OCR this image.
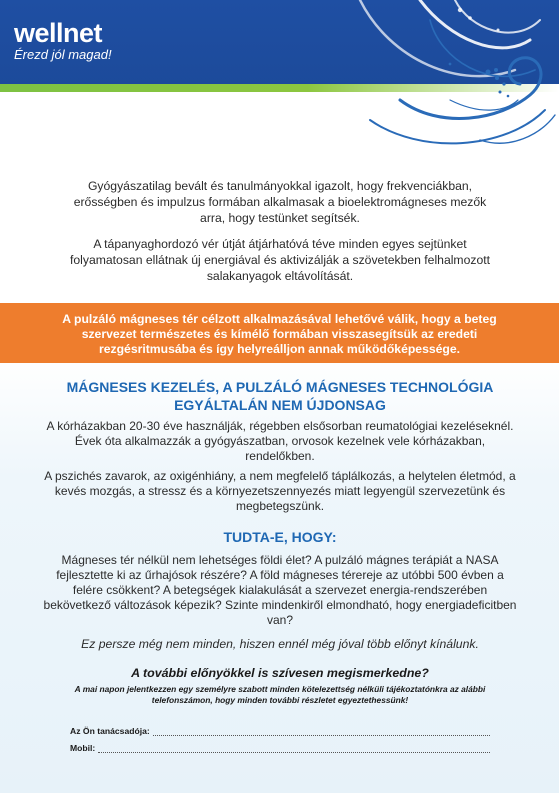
wellnet
Érezd jól magad!

Gyógyászatilag bevált és tanulmányokkal igazolt, hogy frekvenciákban, erősségben és impulzus formában alkalmasak a bioelektromágneses mezők arra, hogy testünket segítsék.

A tápanyaghordozó vér útját átjárhatóvá téve minden egyes sejtünket folyamatosan ellátnak új energiával és aktivizálják a szövetekben felhalmozott salakanyagok eltávolítását.

A pulzáló mágneses tér célzott alkalmazásával lehetővé válik, hogy a beteg szervezet természetes és kímélő formában visszasegítsük az eredeti rezgésritmusába és így helyreálljon annak működőképessége.

MÁGNESES KEZELÉS, A PULZÁLÓ MÁGNESES TECHNOLÓGIA
EGYÁLTALÁN NEM ÚJDONSAG

A kórházakban 20-30 éve használják, régebben elsősorban reumatológiai kezeléseknél. Évek óta alkalmazzák a gyógyászatban, orvosok kezelnek vele kórházakban, rendelőkben.

A pszichés zavarok, az oxigénhiány, a nem megfelelő táplálkozás, a helytelen életmód, a kevés mozgás, a stressz és a környezetszennyezés miatt legyengül szervezetünk és megbetegszünk.

TUDTA-E, HOGY:

Mágneses tér nélkül nem lehetséges földi élet? A pulzáló mágnes terápiát a NASA fejlesztette ki az űrhajósok részére? A föld mágneses térereje az utóbbi 500 évben a felére csökkent? A betegségek kialakulását a szervezet energia-rendszerében bekövetkező változások képezik? Szinte mindenkiről elmondható, hogy energiadeficitben van?

Ez persze még nem minden, hiszen ennél még jóval több előnyt kínálunk.

A további előnyökkel is szívesen megismerkedne?

A mai napon jelentkezzen egy személyre szabott minden kötelezettség nélküli tájékoztatónkra az alábbi telefonszámon, hogy minden további részletet egyeztethessünk!

Az Ön tanácsadója:
Mobil:
